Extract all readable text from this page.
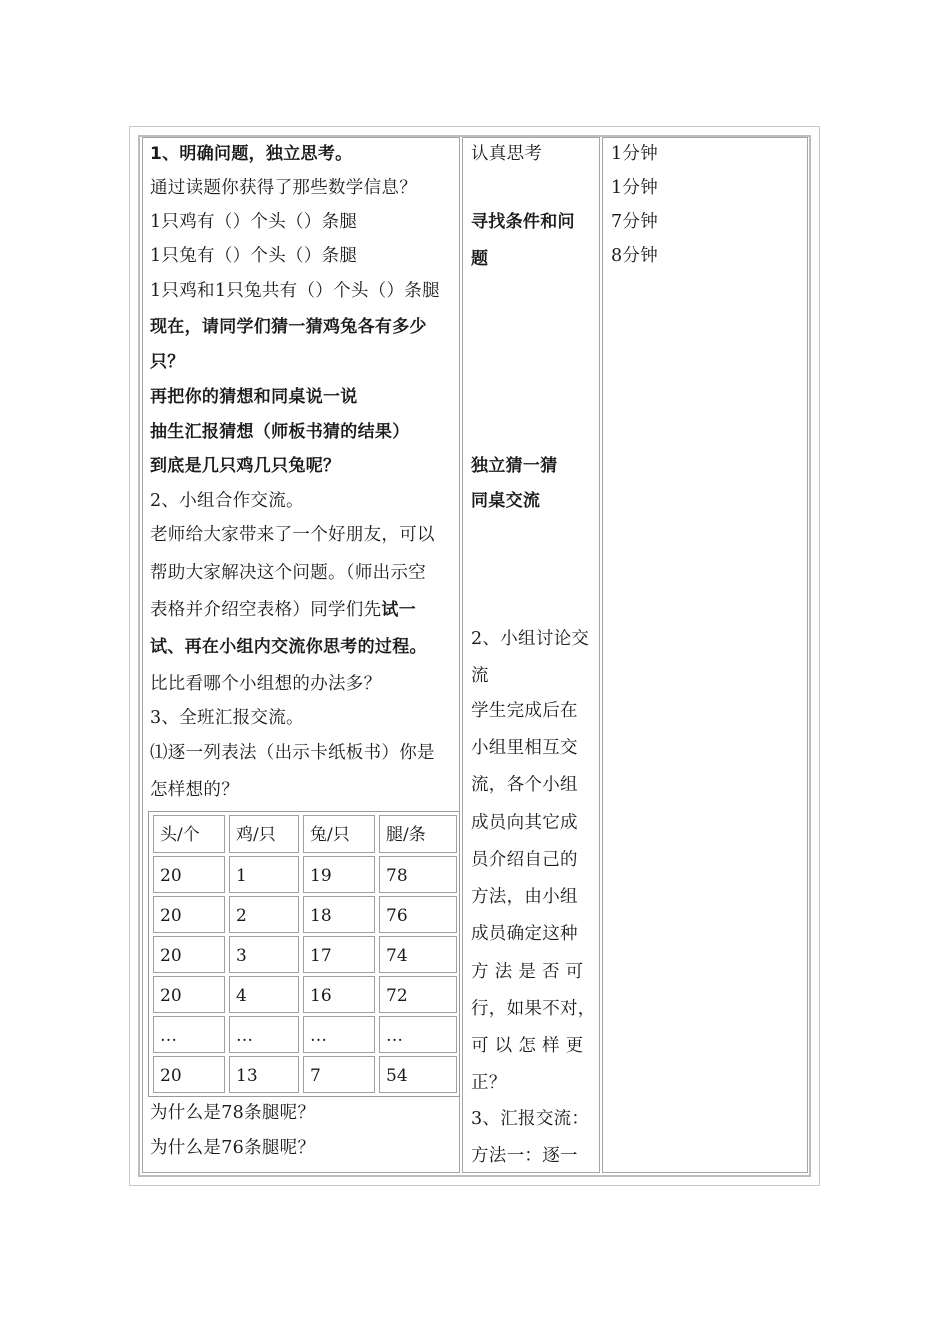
1、明确问题，独立思考。
通过读题你获得了那些数学信息？
1只鸡有（）个头（）条腿
1只兔有（）个头（）条腿
1只鸡和1只兔共有（）个头（）条腿
现在，请同学们猜一猜鸡兔各有多少
只？
再把你的猜想和同桌说一说
抽生汇报猜想（师板书猜的结果）
到底是几只鸡几只兔呢？
2、小组合作交流。
老师给大家带来了一个好朋友，可以
帮助大家解决这个问题。（师出示空
表格并介绍空表格）同学们先试一
试、再在小组内交流你思考的过程。
比比看哪个小组想的办法多？
3、全班汇报交流。
⑴逐一列表法（出示卡纸板书）你是
怎样想的？
头/个	鸡/只	兔/只	腿/条
20	1	19	78
20	2	18	76
20	3	17	74
20	4	16	72
…	…	…	…
20	13	7	54
为什么是78条腿呢？
为什么是76条腿呢？
认真思考
寻找条件和问
题
独立猜一猜
同桌交流
2、小组讨论交
流
学生完成后在
小组里相互交
流，各个小组
成员向其它成
员介绍自己的
方法，由小组
成员确定这种
方 法 是 否 可
行，如果不对，
可 以 怎 样 更
正？
3、汇报交流：
方法一：逐一
1分钟
1分钟
7分钟
8分钟
